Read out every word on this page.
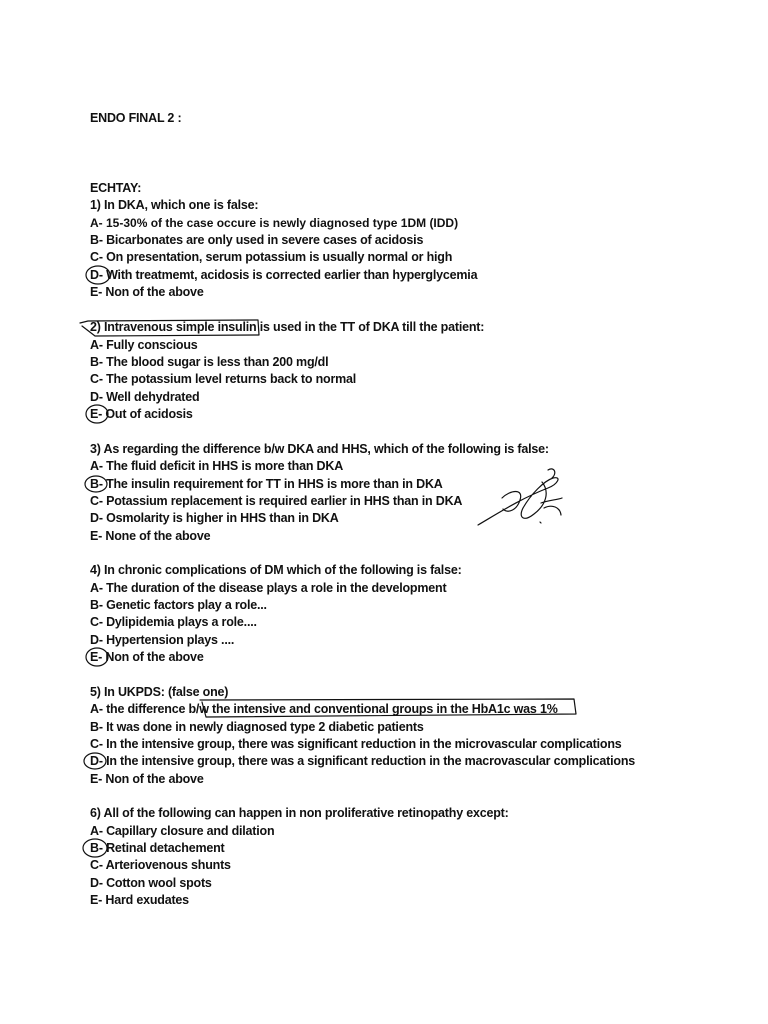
ENDO FINAL 2 :
ECHTAY:
1) In DKA, which one is false:
A- 15-30% of the case occure is newly diagnosed type 1DM (IDD)
B- Bicarbonates are only used in severe cases of acidosis
C- On presentation, serum potassium is usually normal or high
D- With treatmemt, acidosis is corrected earlier than hyperglycemia
E- Non of the above
2) Intravenous simple insulin is used in the TT of DKA till the patient:
A- Fully conscious
B- The blood sugar is less than 200 mg/dl
C- The potassium level returns back to normal
D- Well dehydrated
E- Out of acidosis
3) As regarding the difference b/w DKA and HHS, which of the following is false:
A- The fluid deficit in HHS is more than DKA
B- The insulin requirement for TT in HHS is more than in DKA
C- Potassium replacement is required earlier in HHS than in DKA
D- Osmolarity is higher in HHS than in DKA
E- None of the above
4) In chronic complications of DM which of the following is false:
A- The duration of the disease plays a role in the development
B- Genetic factors play a role...
C- Dylipidemia plays a role....
D- Hypertension plays ....
E- Non of the above
5) In UKPDS: (false one)
A- the difference b/w the intensive and conventional groups in the HbA1c was 1%
B- It was done in newly diagnosed type 2 diabetic patients
C- In the intensive group, there was significant reduction in the microvascular complications
D- In the intensive group, there was a significant reduction in the macrovascular complications
E- Non of the above
6) All of the following can happen in non proliferative retinopathy except:
A- Capillary closure and dilation
B- Retinal detachement
C- Arteriovenous shunts
D- Cotton wool spots
E- Hard exudates
